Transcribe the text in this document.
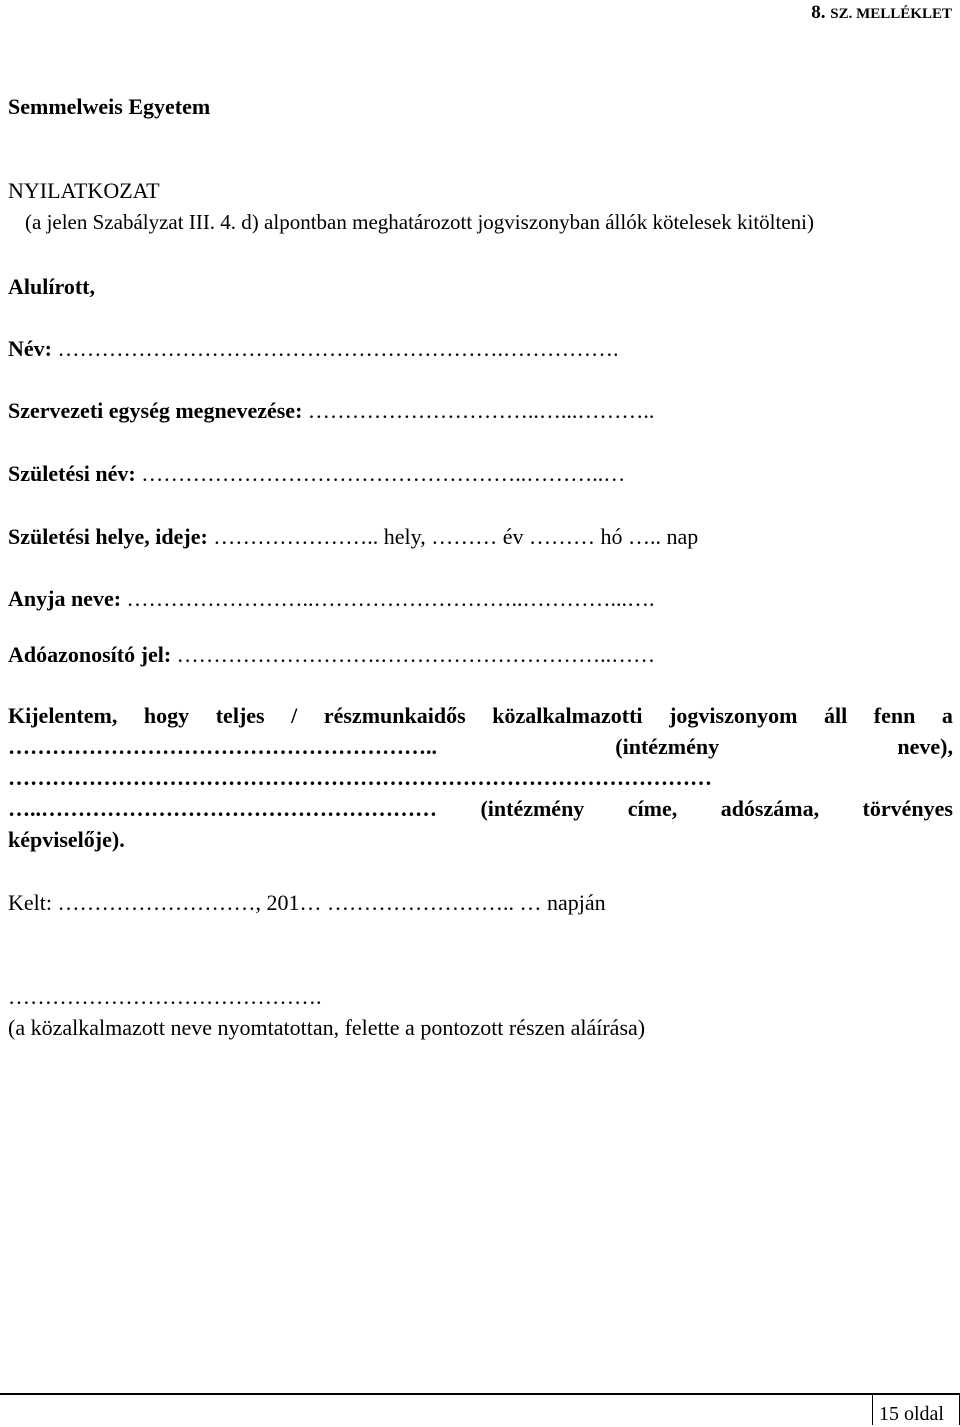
8. SZ. MELLÉKLET
Semmelweis Egyetem
NYILATKOZAT
(a jelen Szabályzat III. 4. d) alpontban meghatározott jogviszonyban állók kötelesek kitölteni)
Alulírott,
Név: …………………………………………………….…………….
Szervezeti egység megnevezése: …………………………..…...………..
Születési név: ……………………………………………..………..…
Születési helye, ideje: ………………….. hely, ……… év ……… hó ….. nap
Anyja neve: ……………………..………………………..…………...….
Adóazonosító jel: ……………………….…………………………..……
Kijelentem, hogy teljes / részmunkaidős közalkalmazotti jogviszonyom áll fenn a
…………………………………………………..	(intézmény	neve),
……………………………………………………………………………………
…..……………………………………………… (intézmény címe, adószáma, törvényes
képviselője).
Kelt: ………………………, 201… …………………….. … napján
…………………………………….
(a közalkalmazott neve nyomtatottan, felette a pontozott részen aláírása)
15 oldal
